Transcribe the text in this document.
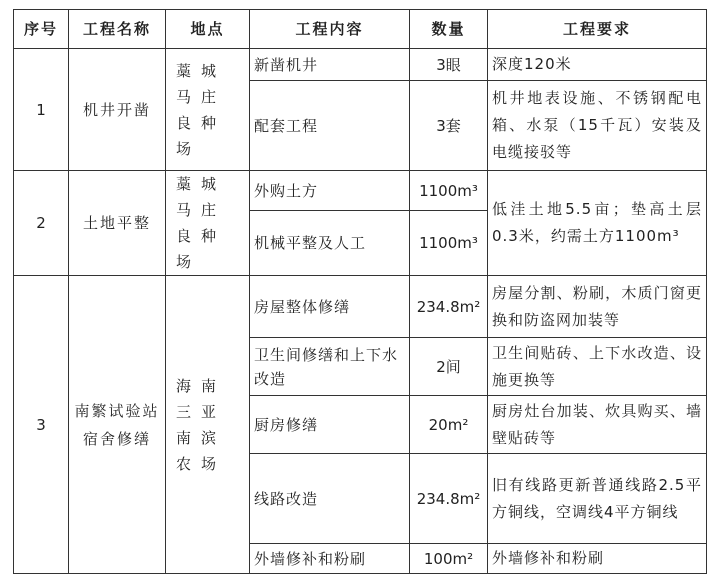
序号	工程名称	地点	工程内容	数量	工程要求
1	机井开凿	藁城马庄良种场	新凿机井	3眼	深度120米
			配套工程	3套	机井地表设施、不锈钢配电箱、水泵（15千瓦）安装及电缆接驳等
2	土地平整	藁城马庄良种场	外购土方	1100m³	低洼土地5.5亩；垫高土层0.3米，约需土方1100m³
			机械平整及人工	1100m³	
3	南繁试验站宿舍修缮	海南三亚南滨农场	房屋整体修缮	234.8m²	房屋分割、粉刷，木质门窗更换和防盗网加装等
			卫生间修缮和上下水改造	2间	卫生间贴砖、上下水改造、设施更换等
			厨房修缮	20m²	厨房灶台加装、炊具购买、墙壁贴砖等
			线路改造	234.8m²	旧有线路更新普通线路2.5平方铜线，空调线4平方铜线
			外墙修补和粉刷	100m²	外墙修补和粉刷
